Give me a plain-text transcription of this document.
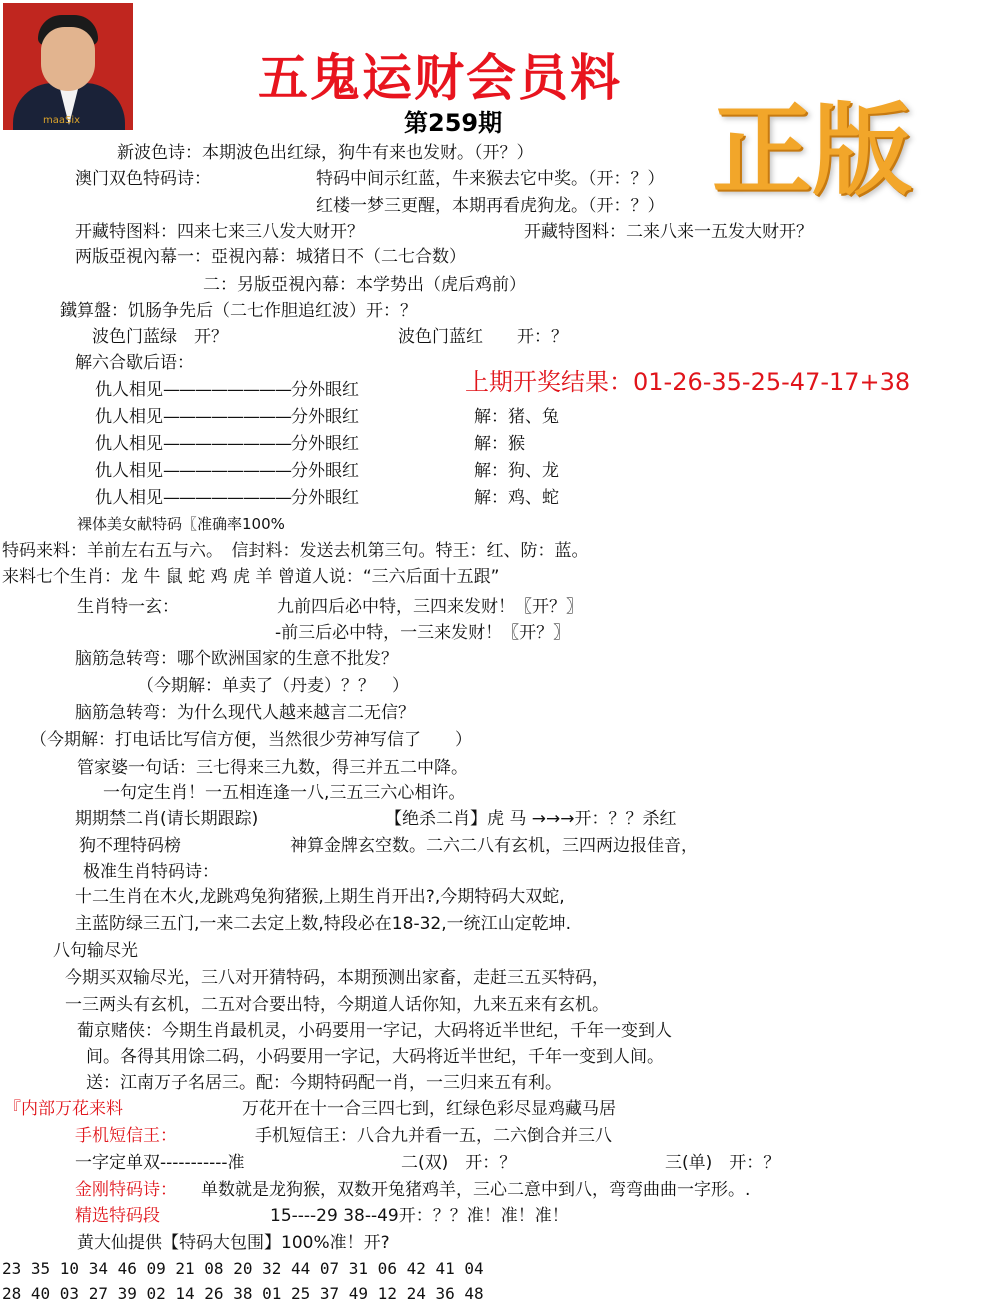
maaSix
五鬼运财会员料
第259期 正版
新波色诗：本期波色出红绿，狗牛有来也发财。（开？）
澳门双色特码诗：	特码中间示红蓝，牛来猴去它中奖。（开：？）
红楼一梦三更醒，本期再看虎狗龙。（开：？）
开藏特图料：四来七来三八发大财开？	开藏特图料：二来八来一五发大财开？
两版亞視內幕一：亞視內幕：城猪日不（二七合数）
二：另版亞視內幕：本学势出（虎后鸡前）
鐵算盤：饥肠争先后（二七作胆追红波）开：？
波色门蓝绿　开？	波色门蓝红　　开：？
解六合歇后语：
上期开奖结果：01-26-35-25-47-17+38
仇人相见————————分外眼红
仇人相见————————分外眼红	解：猪、兔
仇人相见————————分外眼红	解：猴
仇人相见————————分外眼红	解：狗、龙
仇人相见————————分外眼红	解：鸡、蛇
裸体美女献特码〖准确率100%
特码来料：羊前左右五与六。　信封料：发送去机第三句。特王：红、防：蓝。
来料七个生肖：龙 牛 鼠 蛇 鸡 虎 羊 曾道人说：“三六后面十五跟”
生肖特一玄：	九前四后必中特，三四来发财！〖开？〗
-前三后必中特，一三来发财！〖开？〗
脑筋急转弯：哪个欧洲国家的生意不批发？
（今期解：单卖了（丹麦）？？　）
脑筋急转弯：为什么现代人越来越言二无信？
（今期解：打电话比写信方便，当然很少劳神写信了　　）
管家婆一句话：三七得来三九数，得三并五二中降。
一句定生肖！一五相连逢一八,三五三六心相许。
期期禁二肖(请长期跟踪)	【绝杀二肖】虎 马 →→→开：？？杀红
狗不理特码榜	神算金牌玄空数。二六二八有玄机，三四两边报佳音，
极准生肖特码诗：
十二生肖在木火,龙跳鸡兔狗猪猴,上期生肖开出?,今期特码大双蛇,
主蓝防绿三五门,一来二去定上数,特段必在18-32,一统江山定乾坤.
八句输尽光
今期买双输尽光，三八对开猜特码，本期预测出家畜，走赶三五买特码，
一三两头有玄机，二五对合要出特，今期道人话你知，九来五来有玄机。
葡京赌侠：今期生肖最机灵，小码要用一字记，大码将近半世纪，千年一变到人
间。各得其用馀二码，小码要用一字记，大码将近半世纪，千年一变到人间。
送：江南万子名居三。配：今期特码配一肖，一三归来五有利。
『内部万花来料	万花开在十一合三四七到，红绿色彩尽显鸡藏马居
手机短信王：	手机短信王：八合九并看一五，二六倒合并三八
一字定单双-----------准	二(双)　开：？	三(单)　开：？
金刚特码诗： 单数就是龙狗猴，双数开兔猪鸡羊，三心二意中到八，弯弯曲曲一字形。.
精选特码段	15----29 38--49开：？？准！准！准！
黄大仙提供【特码大包围】100%准！开?
23 35 10 34 46 09 21 08 20 32 44 07 31 06 42 41 04
28 40 03 27 39 02 14 26 38 01 25 37 49 12 24 36 48
